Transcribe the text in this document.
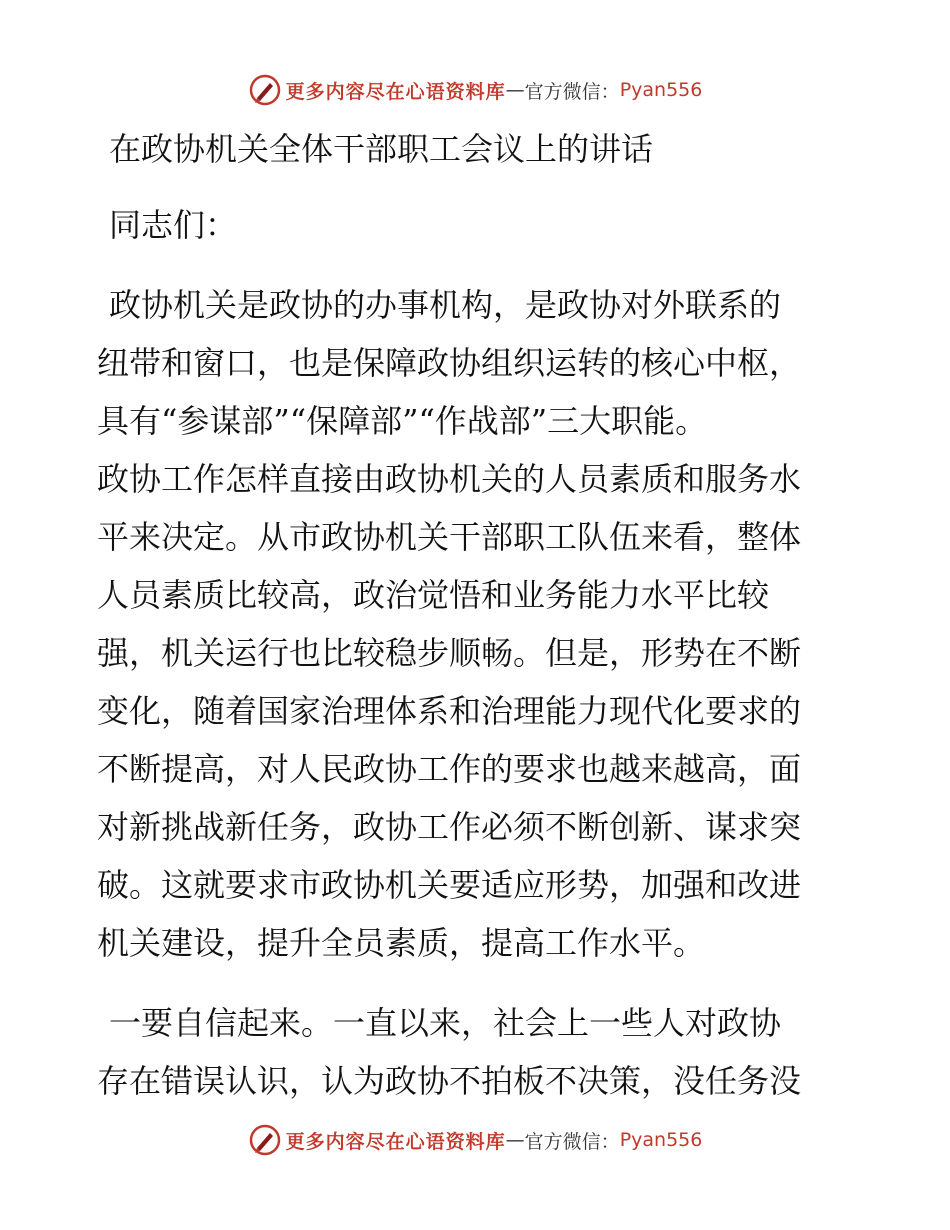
更多内容尽在心语资料库 — 官方微信： Pyan556
在政协机关全体干部职工会议上的讲话
同志们：
政协机关是政协的办事机构，是政协对外联系的
纽带和窗口，也是保障政协组织运转的核心中枢，
具有“参谋部”“保障部”“作战部”三大职能。
政协工作怎样直接由政协机关的人员素质和服务水
平来决定。从市政协机关干部职工队伍来看，整体
人员素质比较高，政治觉悟和业务能力水平比较
强，机关运行也比较稳步顺畅。但是，形势在不断
变化，随着国家治理体系和治理能力现代化要求的
不断提高，对人民政协工作的要求也越来越高，面
对新挑战新任务，政协工作必须不断创新、谋求突
破。这就要求市政协机关要适应形势，加强和改进
机关建设，提升全员素质，提高工作水平。
一要自信起来。一直以来，社会上一些人对政协
存在错误认识，认为政协不拍板不决策，没任务没
更多内容尽在心语资料库 — 官方微信： Pyan556
